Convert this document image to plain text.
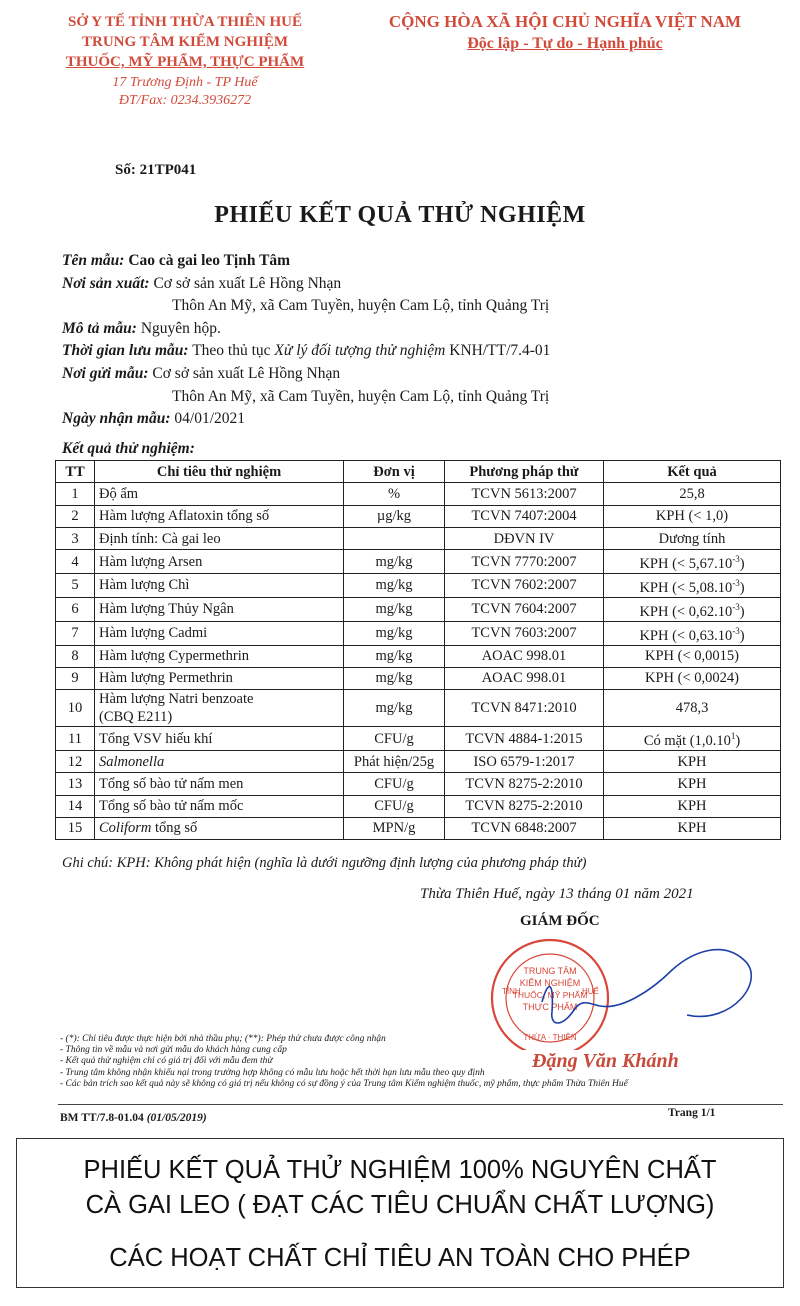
SỞ Y TẾ TỈNH THỪA THIÊN HUẾ
TRUNG TÂM KIỂM NGHIỆM
THUỐC, MỸ PHẨM, THỰC PHẨM
17 Trương Định - TP Huế
ĐT/Fax: 0234.3936272
CỘNG HÒA XÃ HỘI CHỦ NGHĨA VIỆT NAM
Độc lập - Tự do - Hạnh phúc
Số: 21TP041
PHIẾU KẾT QUẢ THỬ NGHIỆM
Tên mẫu: Cao cà gai leo Tịnh Tâm
Nơi sản xuất: Cơ sở sản xuất Lê Hồng Nhạn
Thôn An Mỹ, xã Cam Tuyền, huyện Cam Lộ, tỉnh Quảng Trị
Mô tả mẫu: Nguyên hộp.
Thời gian lưu mẫu: Theo thủ tục Xử lý đối tượng thử nghiệm KNH/TT/7.4-01
Nơi gửi mẫu: Cơ sở sản xuất Lê Hồng Nhạn
Thôn An Mỹ, xã Cam Tuyền, huyện Cam Lộ, tỉnh Quảng Trị
Ngày nhận mẫu: 04/01/2021
Kết quả thử nghiệm:
TT	Chỉ tiêu thử nghiệm	Đơn vị	Phương pháp thử	Kết quả
1	Độ ẩm	%	TCVN 5613:2007	25,8
2	Hàm lượng Aflatoxin tổng số	µg/kg	TCVN 7407:2004	KPH (< 1,0)
3	Định tính: Cà gai leo		DĐVN IV	Dương tính
4	Hàm lượng Arsen	mg/kg	TCVN 7770:2007	KPH (< $5,67.10^{-3}$)
5	Hàm lượng Chì	mg/kg	TCVN 7602:2007	KPH (< $5,08.10^{-3}$)
6	Hàm lượng Thủy Ngân	mg/kg	TCVN 7604:2007	KPH (< $0,62.10^{-3}$)
7	Hàm lượng Cadmi	mg/kg	TCVN 7603:2007	KPH (< $0,63.10^{-3}$)
8	Hàm lượng Cypermethrin	mg/kg	AOAC 998.01	KPH (< 0,0015)
9	Hàm lượng Permethrin	mg/kg	AOAC 998.01	KPH (< 0,0024)
10	Hàm lượng Natri benzoate
(CBQ E211)	mg/kg	TCVN 8471:2010	478,3
11	Tổng VSV hiếu khí	CFU/g	TCVN 4884-1:2015	Có mặt (1,0.10$^1$)
12	Salmonella	Phát hiện/25g	ISO 6579-1:2017	KPH
13	Tổng số bào tử nấm men	CFU/g	TCVN 8275-2:2010	KPH
14	Tổng số bào tử nấm mốc	CFU/g	TCVN 8275-2:2010	KPH
15	Coliform tổng số	MPN/g	TCVN 6848:2007	KPH
Ghi chú: KPH: Không phát hiện (nghĩa là dưới ngưỡng định lượng của phương pháp thử)
Thừa Thiên Huế, ngày 13 tháng 01 năm 2021
GIÁM ĐỐC
TRUNG TÂM
KIỂM NGHIỆM
THUỐC, MỸ PHẨM
THỰC PHẨM
TỈNH	HUẾ
THỪA · THIÊN
- (*): Chỉ tiêu được thực hiện bởi nhà thầu phụ; (**): Phép thử chưa được công nhận
- Thông tin về mẫu và nơi gửi mẫu do khách hàng cung cấp
- Kết quả thử nghiệm chỉ có giá trị đối với mẫu đem thử
- Trung tâm không nhận khiếu nại trong trường hợp không có mẫu lưu hoặc hết thời hạn lưu mẫu theo quy định
- Các bản trích sao kết quả này sẽ không có giá trị nếu không có sự đồng ý của Trung tâm Kiểm nghiệm thuốc, mỹ phẩm, thực phẩm Thừa Thiên Huế
Đặng Văn Khánh
BM TT/7.8-01.04 (01/05/2019)	Trang 1/1
PHIẾU KẾT QUẢ THỬ NGHIỆM 100% NGUYÊN CHẤT
CÀ GAI LEO ( ĐẠT CÁC TIÊU CHUẨN CHẤT LƯỢNG)
CÁC HOẠT CHẤT CHỈ TIÊU AN TOÀN CHO PHÉP
